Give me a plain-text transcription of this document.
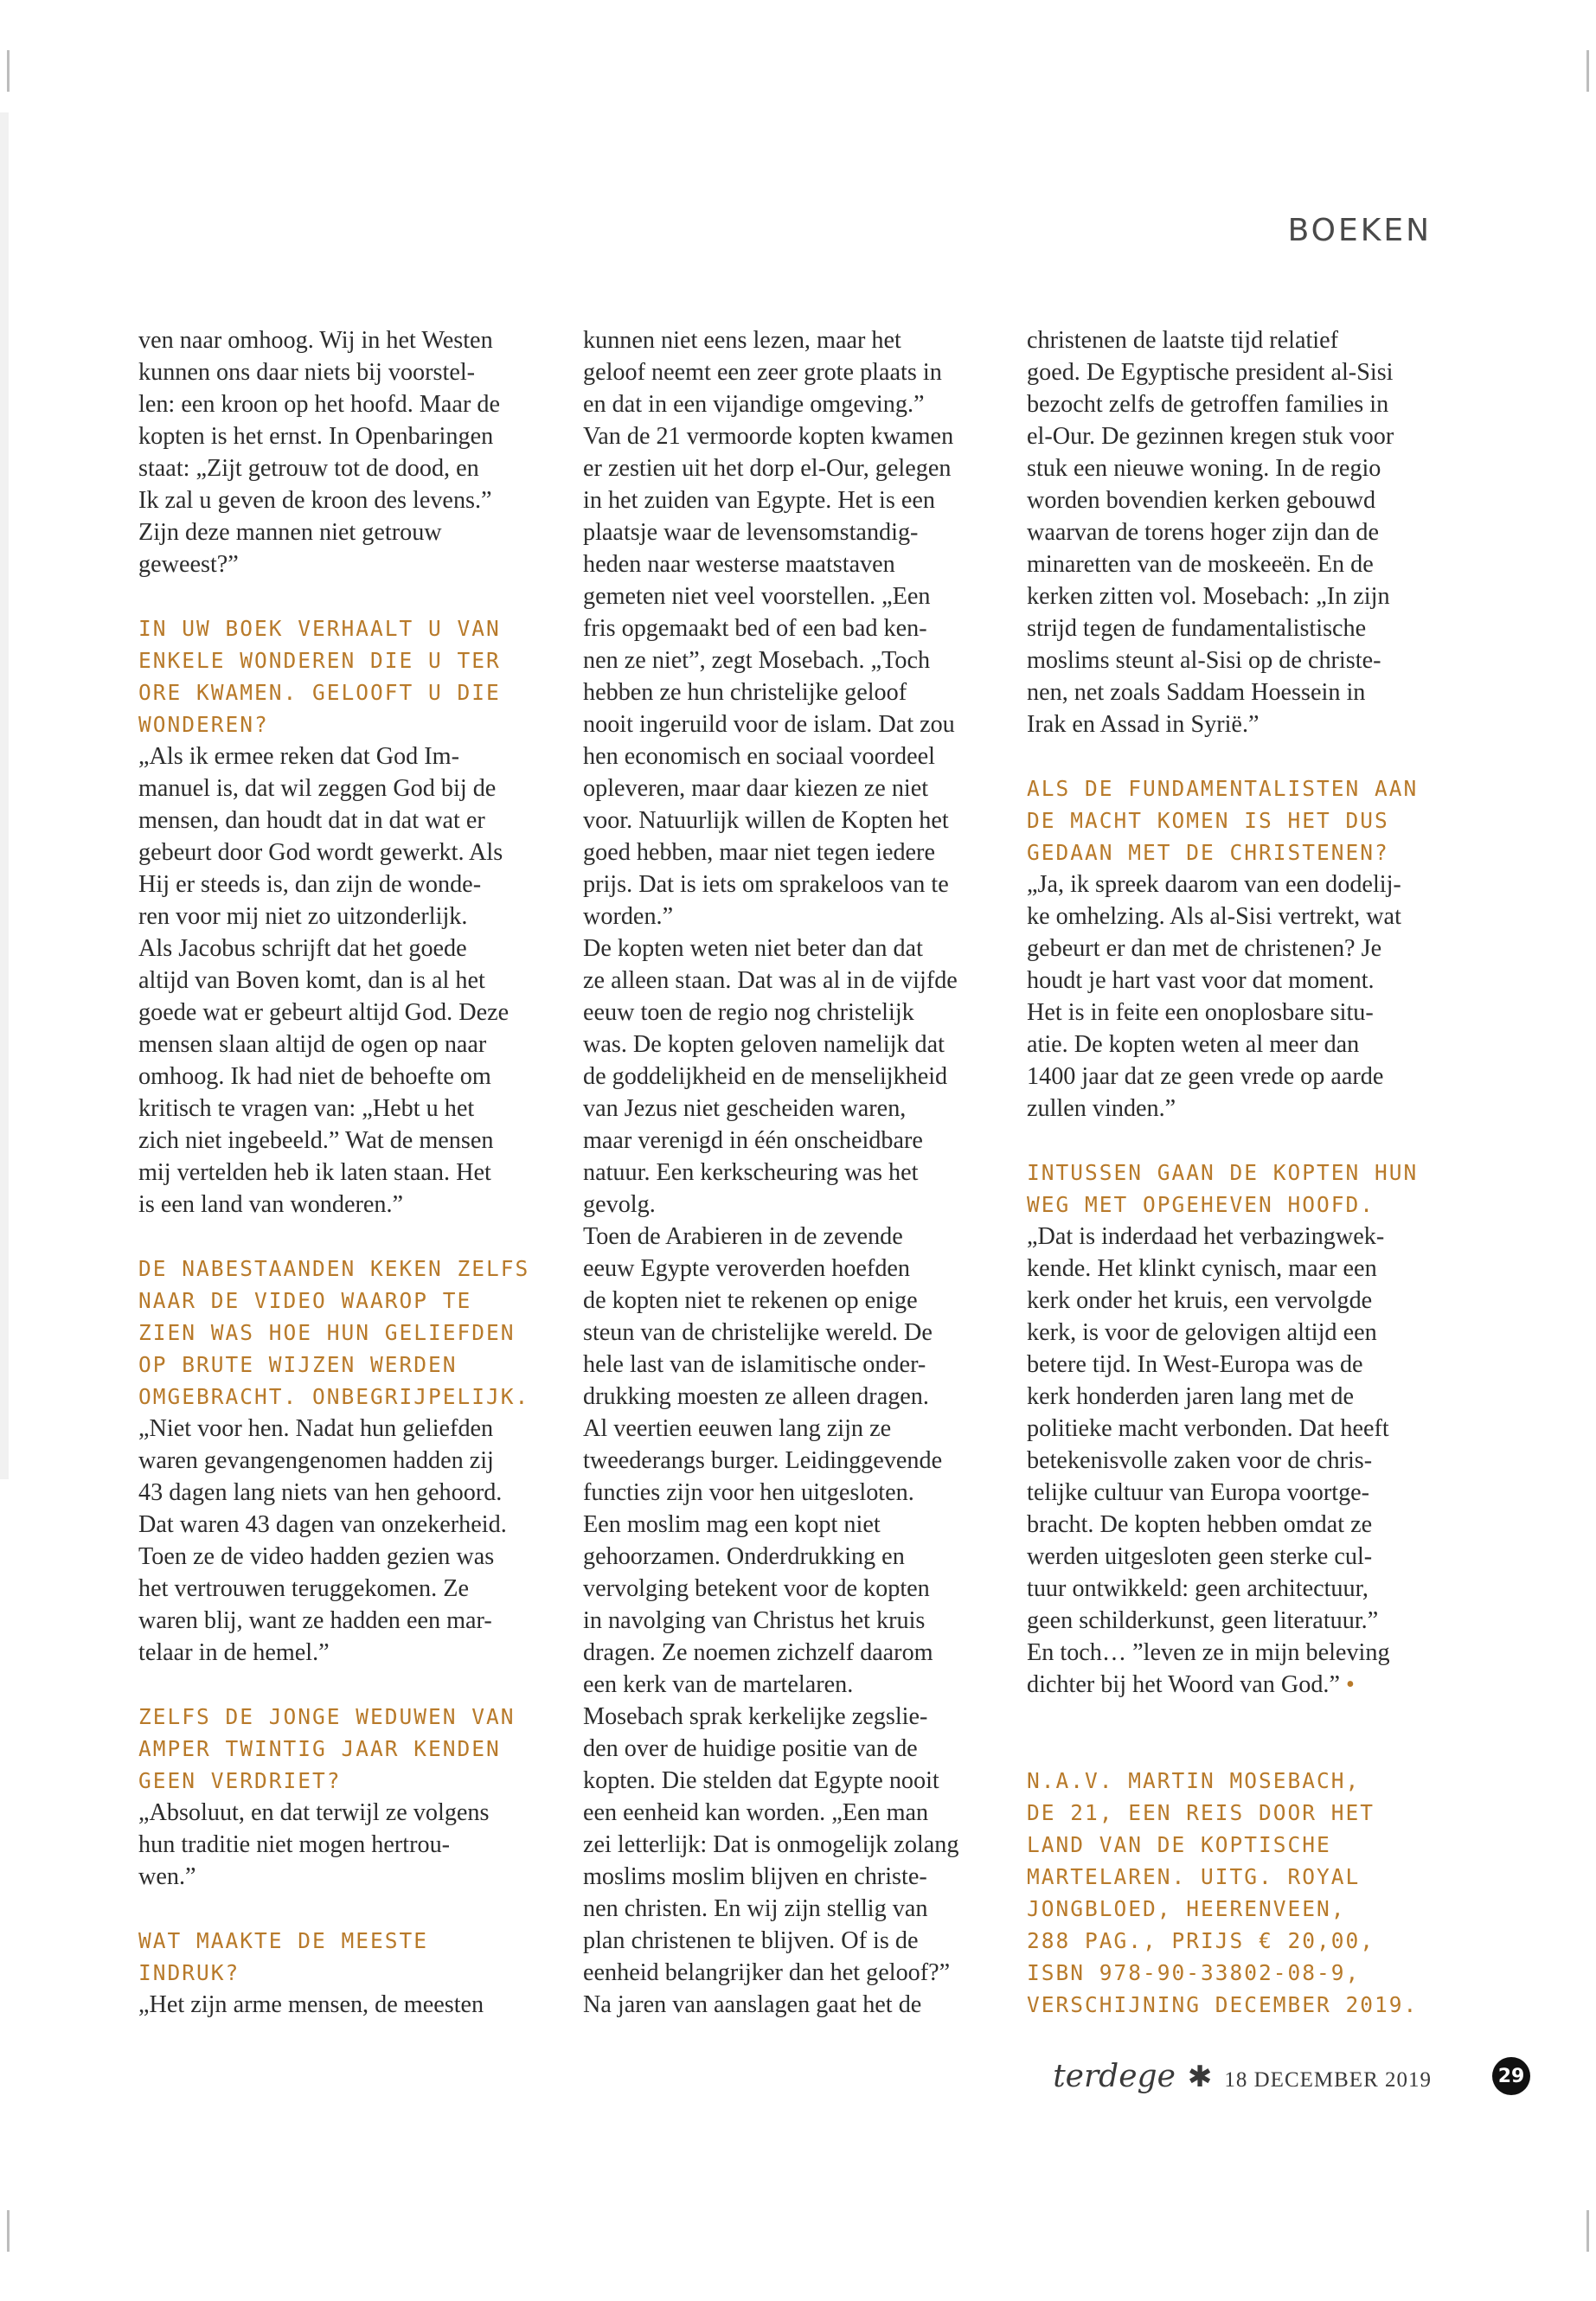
BOEKEN

ven naar omhoog. Wij in het Westen
kunnen ons daar niets bij voorstel-
len: een kroon op het hoofd. Maar de
kopten is het ernst. In Openbaringen
staat: „Zijt getrouw tot de dood, en
Ik zal u geven de kroon des levens.”
Zijn deze mannen niet getrouw
geweest?”

IN UW BOEK VERHAALT U VAN
ENKELE WONDEREN DIE U TER
ORE KWAMEN. GELOOFT U DIE
WONDEREN?

„Als ik ermee reken dat God Im-
manuel is, dat wil zeggen God bij de
mensen, dan houdt dat in dat wat er
gebeurt door God wordt gewerkt. Als
Hij er steeds is, dan zijn de wonde-
ren voor mij niet zo uitzonderlijk.
Als Jacobus schrijft dat het goede
altijd van Boven komt, dan is al het
goede wat er gebeurt altijd God. Deze
mensen slaan altijd de ogen op naar
omhoog. Ik had niet de behoefte om
kritisch te vragen van: „Hebt u het
zich niet ingebeeld.” Wat de mensen
mij vertelden heb ik laten staan. Het
is een land van wonderen.”

DE NABESTAANDEN KEKEN ZELFS
NAAR DE VIDEO WAAROP TE
ZIEN WAS HOE HUN GELIEFDEN
OP BRUTE WIJZEN WERDEN
OMGEBRACHT. ONBEGRIJPELIJK.

„Niet voor hen. Nadat hun geliefden
waren gevangengenomen hadden zij
43 dagen lang niets van hen gehoord.
Dat waren 43 dagen van onzekerheid.
Toen ze de video hadden gezien was
het vertrouwen teruggekomen. Ze
waren blij, want ze hadden een mar-
telaar in de hemel.”

ZELFS DE JONGE WEDUWEN VAN
AMPER TWINTIG JAAR KENDEN
GEEN VERDRIET?

„Absoluut, en dat terwijl ze volgens
hun traditie niet mogen hertrou-
wen.”

WAT MAAKTE DE MEESTE
INDRUK?

„Het zijn arme mensen, de meesten

kunnen niet eens lezen, maar het
geloof neemt een zeer grote plaats in
en dat in een vijandige omgeving.”
Van de 21 vermoorde kopten kwamen
er zestien uit het dorp el-Our, gelegen
in het zuiden van Egypte. Het is een
plaatsje waar de levensomstandig-
heden naar westerse maatstaven
gemeten niet veel voorstellen. „Een
fris opgemaakt bed of een bad ken-
nen ze niet”, zegt Mosebach. „Toch
hebben ze hun christelijke geloof
nooit ingeruild voor de islam. Dat zou
hen economisch en sociaal voordeel
opleveren, maar daar kiezen ze niet
voor. Natuurlijk willen de Kopten het
goed hebben, maar niet tegen iedere
prijs. Dat is iets om sprakeloos van te
worden.”
De kopten weten niet beter dan dat
ze alleen staan. Dat was al in de vijfde
eeuw toen de regio nog christelijk
was. De kopten geloven namelijk dat
de goddelijkheid en de menselijkheid
van Jezus niet gescheiden waren,
maar verenigd in één onscheidbare
natuur. Een kerkscheuring was het
gevolg.
Toen de Arabieren in de zevende
eeuw Egypte veroverden hoefden
de kopten niet te rekenen op enige
steun van de christelijke wereld. De
hele last van de islamitische onder-
drukking moesten ze alleen dragen.
Al veertien eeuwen lang zijn ze
tweederangs burger. Leidinggevende
functies zijn voor hen uitgesloten.
Een moslim mag een kopt niet
gehoorzamen. Onderdrukking en
vervolging betekent voor de kopten
in navolging van Christus het kruis
dragen. Ze noemen zichzelf daarom
een kerk van de martelaren.
Mosebach sprak kerkelijke zegslie-
den over de huidige positie van de
kopten. Die stelden dat Egypte nooit
een eenheid kan worden. „Een man
zei letterlijk: Dat is onmogelijk zolang
moslims moslim blijven en christe-
nen christen. En wij zijn stellig van
plan christenen te blijven. Of is de
eenheid belangrijker dan het geloof?”
Na jaren van aanslagen gaat het de

christenen de laatste tijd relatief
goed. De Egyptische president al-Sisi
bezocht zelfs de getroffen families in
el-Our. De gezinnen kregen stuk voor
stuk een nieuwe woning. In de regio
worden bovendien kerken gebouwd
waarvan de torens hoger zijn dan de
minaretten van de moskeeën. En de
kerken zitten vol. Mosebach: „In zijn
strijd tegen de fundamentalistische
moslims steunt al-Sisi op de christe-
nen, net zoals Saddam Hoessein in
Irak en Assad in Syrië.”

ALS DE FUNDAMENTALISTEN AAN
DE MACHT KOMEN IS HET DUS
GEDAAN MET DE CHRISTENEN?

„Ja, ik spreek daarom van een dodelij-
ke omhelzing. Als al-Sisi vertrekt, wat
gebeurt er dan met de christenen? Je
houdt je hart vast voor dat moment.
Het is in feite een onoplosbare situ-
atie. De kopten weten al meer dan
1400 jaar dat ze geen vrede op aarde
zullen vinden.”

INTUSSEN GAAN DE KOPTEN HUN
WEG MET OPGEHEVEN HOOFD.

„Dat is inderdaad het verbazingwek-
kende. Het klinkt cynisch, maar een
kerk onder het kruis, een vervolgde
kerk, is voor de gelovigen altijd een
betere tijd. In West-Europa was de
kerk honderden jaren lang met de
politieke macht verbonden. Dat heeft
betekenisvolle zaken voor de chris-
telijke cultuur van Europa voortge-
bracht. De kopten hebben omdat ze
werden uitgesloten geen sterke cul-
tuur ontwikkeld: geen architectuur,
geen schilderkunst, geen literatuur.”
En toch… ”leven ze in mijn beleving
dichter bij het Woord van God.” •

N.A.V. MARTIN MOSEBACH,
DE 21, EEN REIS DOOR HET
LAND VAN DE KOPTISCHE
MARTELAREN. UITG. ROYAL
JONGBLOED, HEERENVEEN,
288 PAG., PRIJS € 20,00,
ISBN 978-90-33802-08-9,
VERSCHIJNING DECEMBER 2019.

terdege ✱ 18 DECEMBER 2019	29
